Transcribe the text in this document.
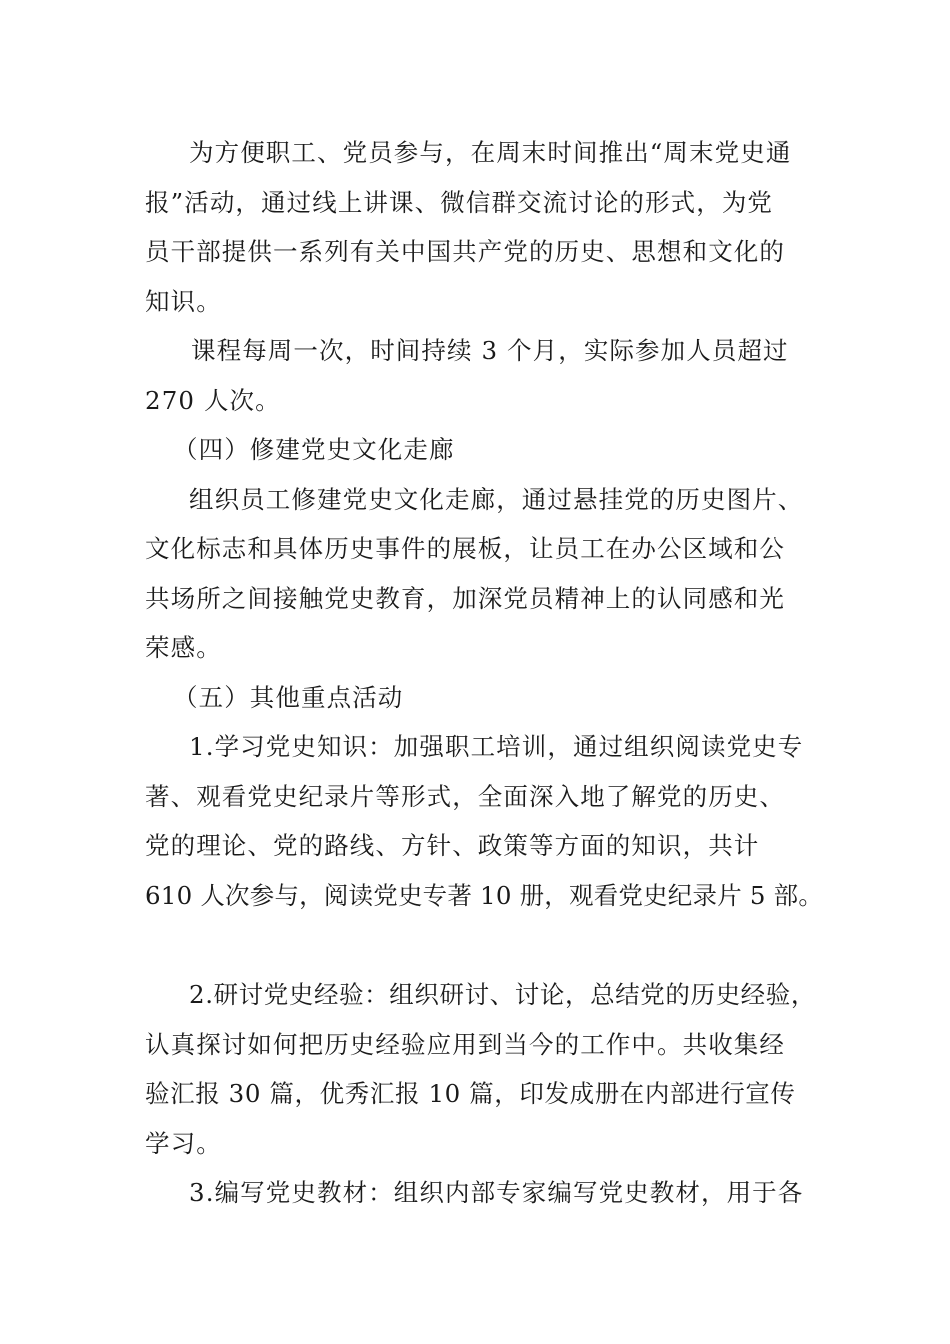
为方便职工、党员参与，在周末时间推出“周末党史通
报”活动，通过线上讲课、微信群交流讨论的形式，为党
员干部提供一系列有关中国共产党的历史、思想和文化的
知识。
课程每周一次，时间持续 3 个月，实际参加人员超过
270 人次。
（四）修建党史文化走廊
组织员工修建党史文化走廊，通过悬挂党的历史图片、
文化标志和具体历史事件的展板，让员工在办公区域和公
共场所之间接触党史教育，加深党员精神上的认同感和光
荣感。
（五）其他重点活动
1.学习党史知识：加强职工培训，通过组织阅读党史专
著、观看党史纪录片等形式，全面深入地了解党的历史、
党的理论、党的路线、方针、政策等方面的知识，共计
610 人次参与，阅读党史专著 10 册，观看党史纪录片 5 部。
2.研讨党史经验：组织研讨、讨论，总结党的历史经验，
认真探讨如何把历史经验应用到当今的工作中。共收集经
验汇报 30 篇，优秀汇报 10 篇，印发成册在内部进行宣传
学习。
3.编写党史教材：组织内部专家编写党史教材，用于各
